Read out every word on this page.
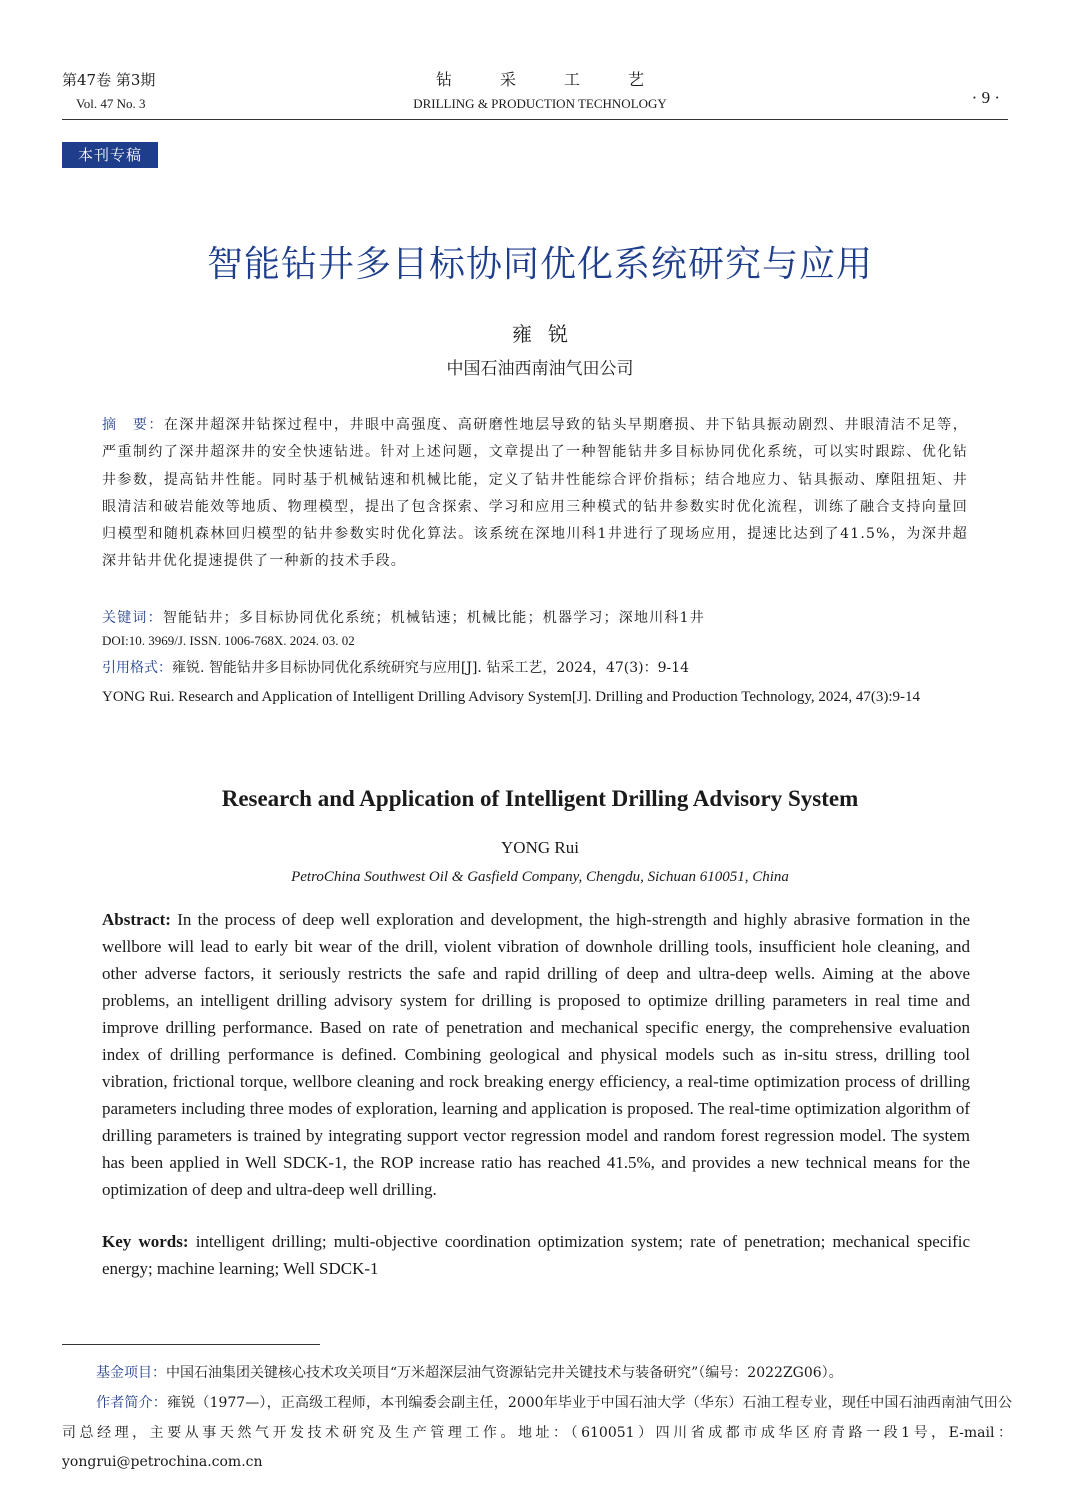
第47卷 第3期
Vol. 47 No. 3
钻采工艺
DRILLING & PRODUCTION TECHNOLOGY	· 9 ·
本刊专稿
智能钻井多目标协同优化系统研究与应用
雍锐
中国石油西南油气田公司
摘　要：在深井超深井钻探过程中，井眼中高强度、高研磨性地层导致的钻头早期磨损、井下钻具振动剧烈、井眼清洁不足等，严重制约了深井超深井的安全快速钻进。针对上述问题，文章提出了一种智能钻井多目标协同优化系统，可以实时跟踪、优化钻井参数，提高钻井性能。同时基于机械钻速和机械比能，定义了钻井性能综合评价指标；结合地应力、钻具振动、摩阻扭矩、井眼清洁和破岩能效等地质、物理模型，提出了包含探索、学习和应用三种模式的钻井参数实时优化流程，训练了融合支持向量回归模型和随机森林回归模型的钻井参数实时优化算法。该系统在深地川科1井进行了现场应用，提速比达到了41.5%，为深井超深井钻井优化提速提供了一种新的技术手段。
关键词：智能钻井；多目标协同优化系统；机械钻速；机械比能；机器学习；深地川科1井
DOI:10. 3969/J. ISSN. 1006-768X. 2024. 03. 02
引用格式：雍锐. 智能钻井多目标协同优化系统研究与应用[J]. 钻采工艺，2024，47(3)：9-14
YONG Rui. Research and Application of Intelligent Drilling Advisory System[J]. Drilling and Production Technology, 2024, 47(3):9-14
Research and Application of Intelligent Drilling Advisory System
YONG Rui
PetroChina Southwest Oil & Gasfield Company, Chengdu, Sichuan 610051, China
Abstract: In the process of deep well exploration and development, the high-strength and highly abrasive formation in the wellbore will lead to early bit wear of the drill, violent vibration of downhole drilling tools, insufficient hole cleaning, and other adverse factors, it seriously restricts the safe and rapid drilling of deep and ultra-deep wells. Aiming at the above problems, an intelligent drilling advisory system for drilling is proposed to optimize drilling parameters in real time and improve drilling performance. Based on rate of penetration and mechanical specific energy, the comprehensive evaluation index of drilling performance is defined. Combining geological and physical models such as in-situ stress, drilling tool vibration, frictional torque, wellbore cleaning and rock breaking energy efficiency, a real-time optimization process of drilling parameters including three modes of exploration, learning and application is proposed. The real-time optimization algorithm of drilling parameters is trained by integrating support vector regression model and random forest regression model. The system has been applied in Well SDCK-1, the ROP increase ratio has reached 41.5%, and provides a new technical means for the optimization of deep and ultra-deep well drilling.
Key words: intelligent drilling; multi-objective coordination optimization system; rate of penetration; mechanical specific energy; machine learning; Well SDCK-1
基金项目：中国石油集团关键核心技术攻关项目“万米超深层油气资源钻完井关键技术与装备研究”（编号：2022ZG06）。
作者简介：雍锐（1977—），正高级工程师，本刊编委会副主任，2000年毕业于中国石油大学（华东）石油工程专业，现任中国石油西南油气田公司总经理，主要从事天然气开发技术研究及生产管理工作。地址：（610051）四川省成都市成华区府青路一段1号，E-mail：yongrui@petrochina.com.cn
